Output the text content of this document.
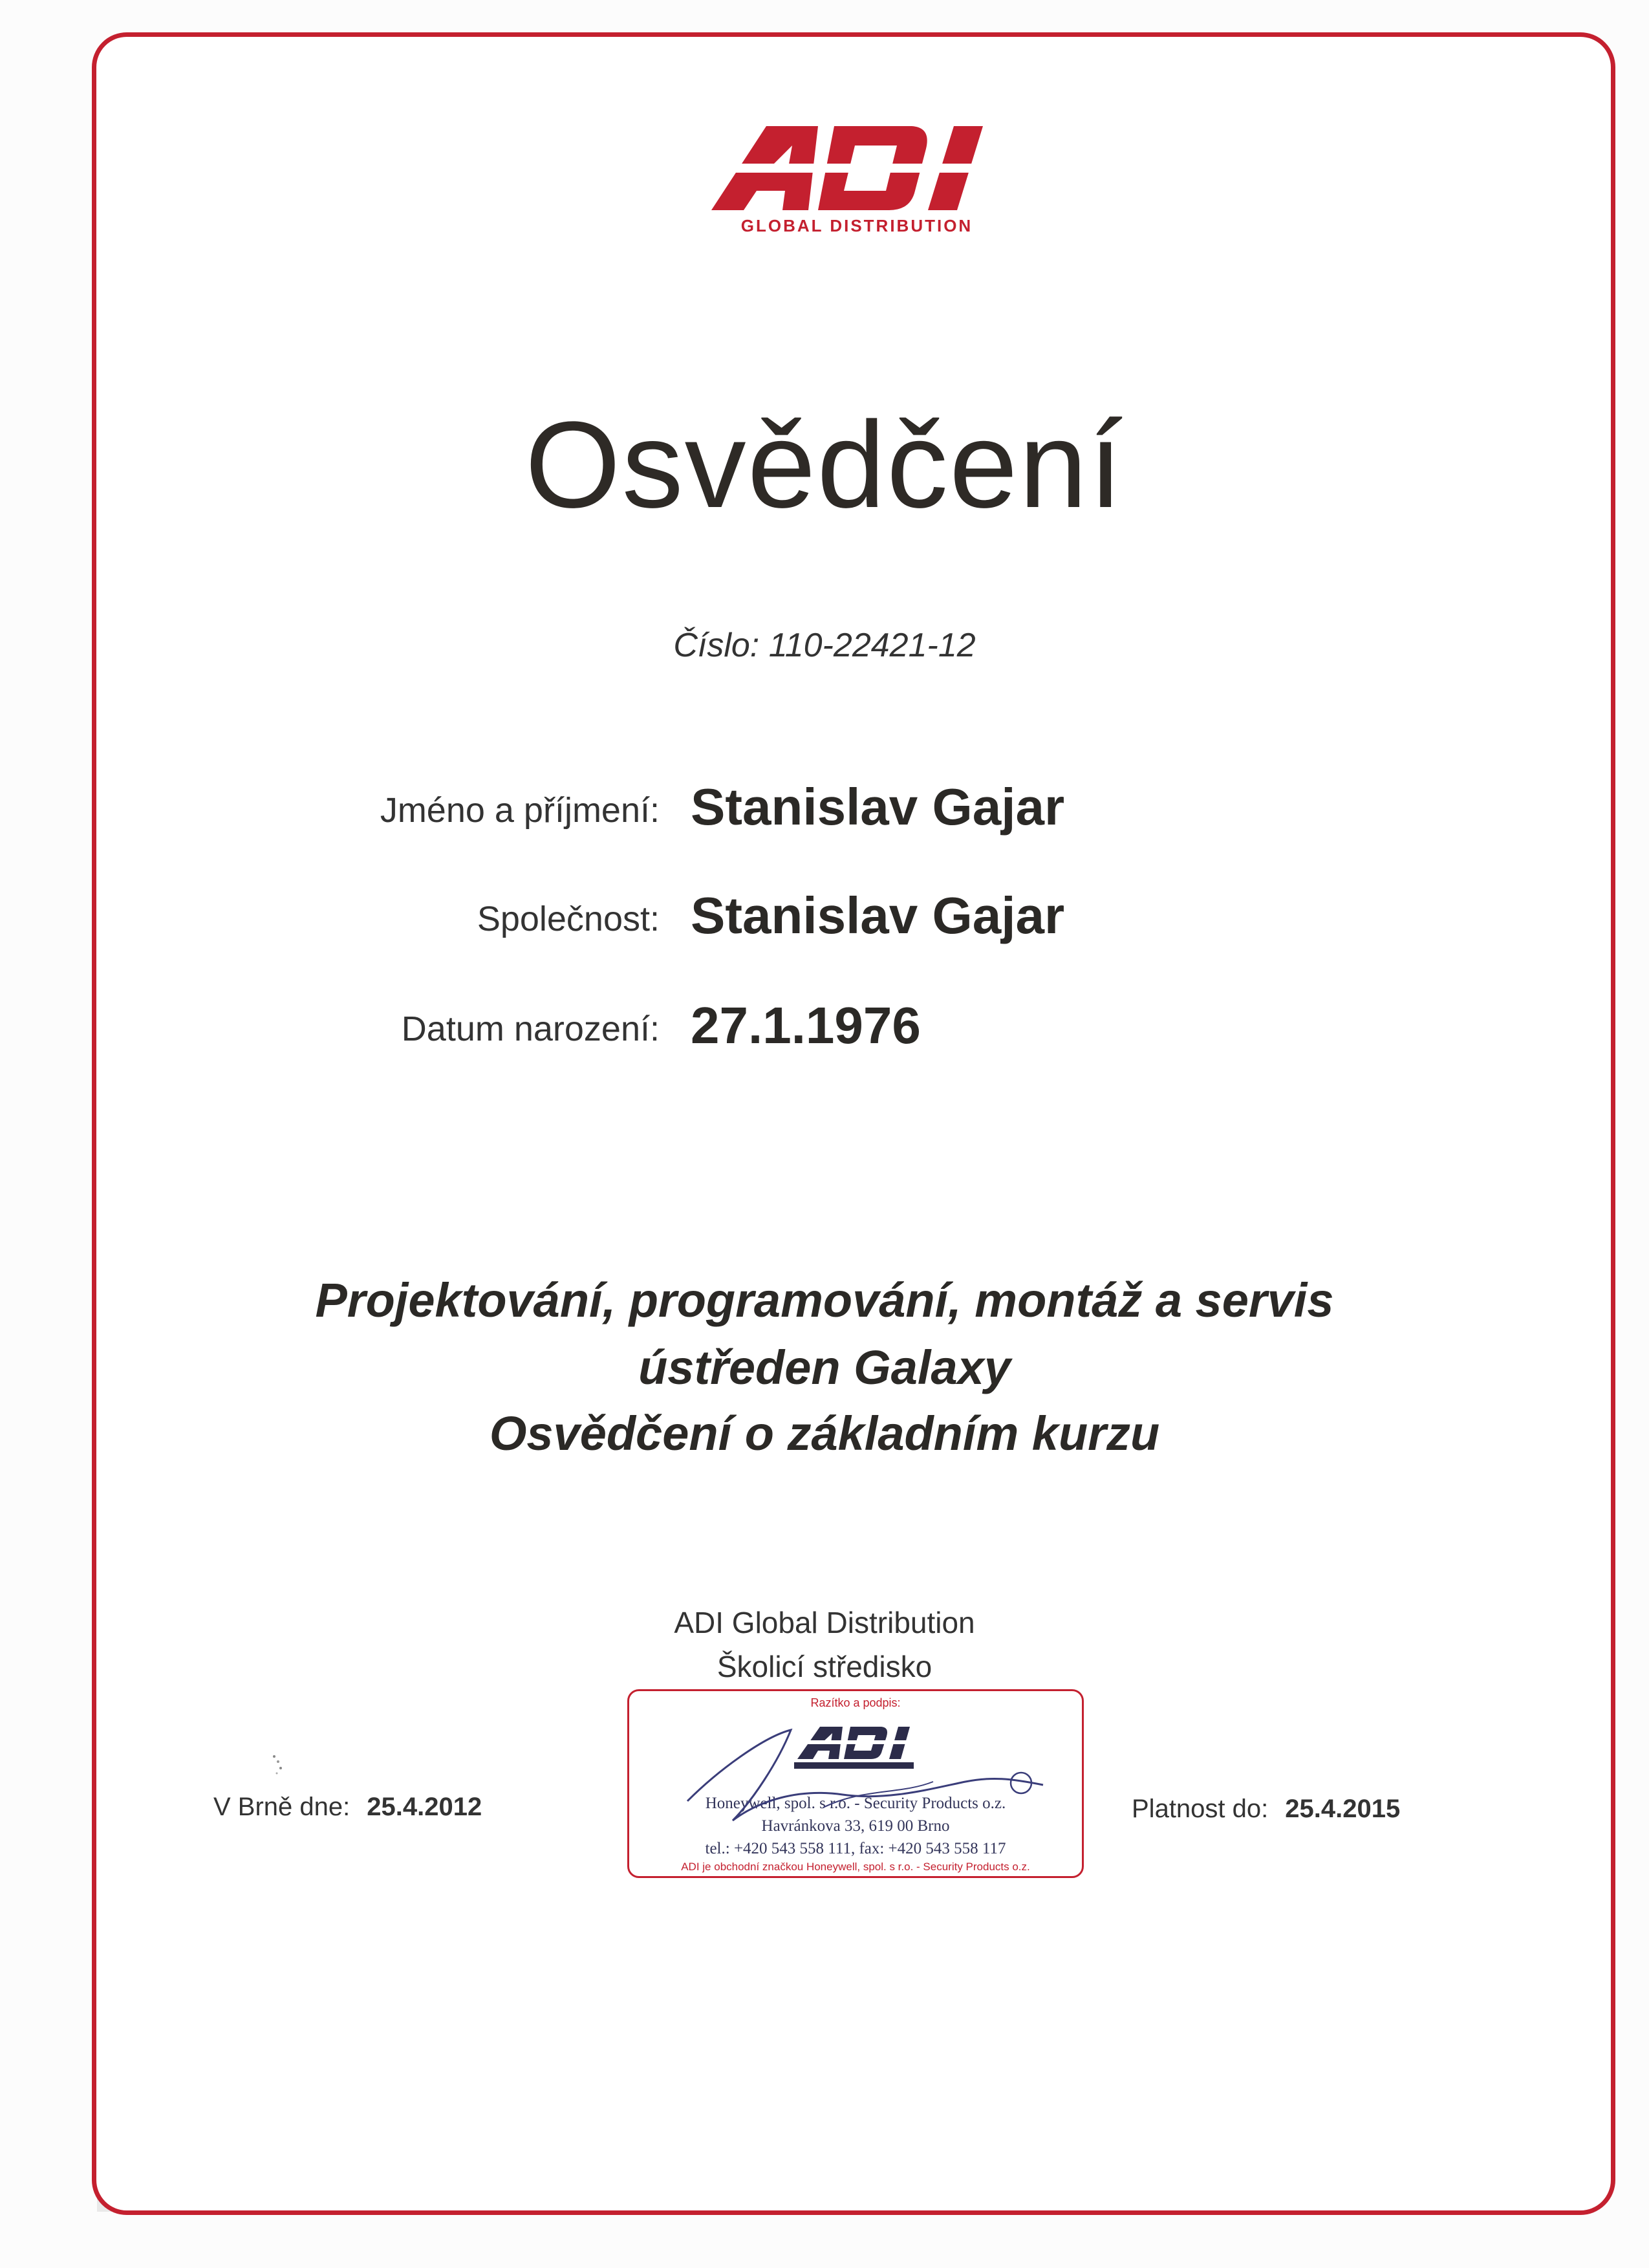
GLOBAL DISTRIBUTION
Osvědčení
Číslo: 110-22421-12
Jméno a příjmení: Stanislav Gajar
Společnost: Stanislav Gajar
Datum narození: 27.1.1976
Projektování, programování, montáž a servis
ústředen Galaxy
Osvědčení o základním kurzu
ADI Global Distribution
Školicí středisko
V Brně dne: 25.4.2012
Razítko a podpis:
Honeywell, spol. s r.o. - Security Products o.z.
Havránkova 33, 619 00 Brno
tel.: +420 543 558 111, fax: +420 543 558 117
ADI je obchodní značkou Honeywell, spol. s r.o. - Security Products o.z.
Platnost do: 25.4.2015
